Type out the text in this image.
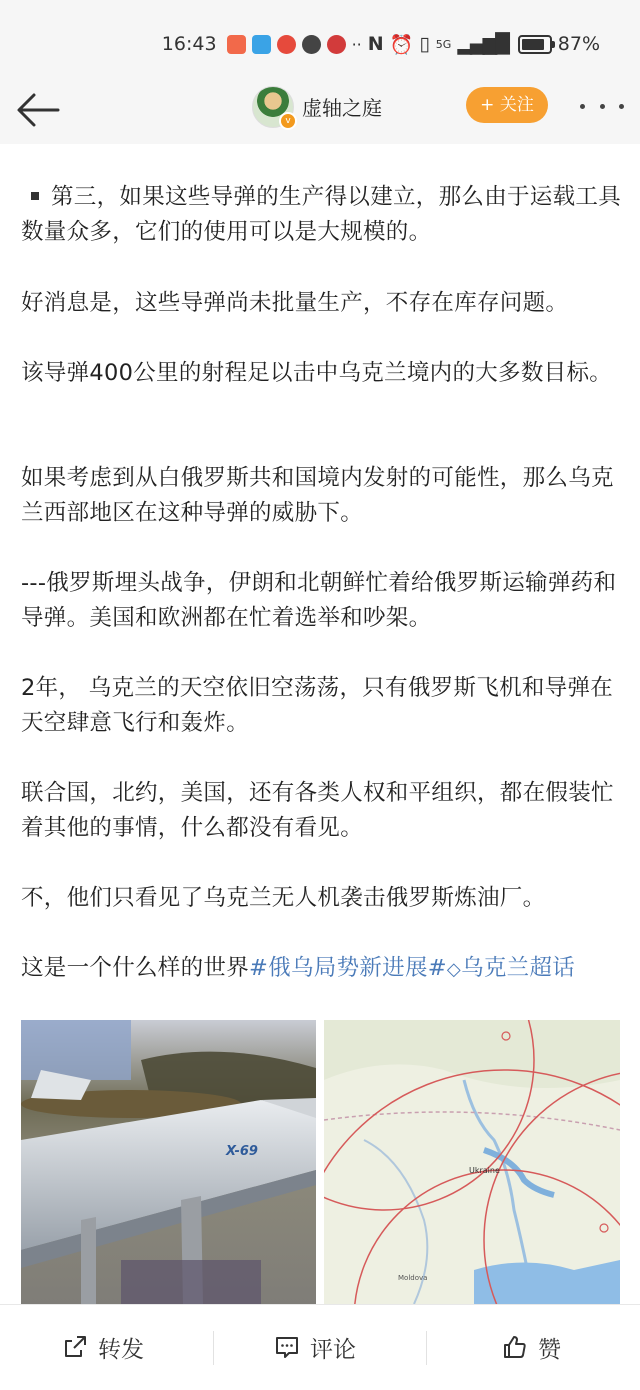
16:43	·· N ⏰ ▯ 5G ▂▄▆█	87%
v
虚轴之庭	+ 关注

第三，如果这些导弹的生产得以建立，那么由于运载工具数量众多，它们的使用可以是大规模的。

好消息是，这些导弹尚未批量生产，不存在库存问题。

该导弹400公里的射程足以击中乌克兰境内的大多数目标。

如果考虑到从白俄罗斯共和国境内发射的可能性，那么乌克兰西部地区在这种导弹的威胁下。

---俄罗斯埋头战争，伊朗和北朝鲜忙着给俄罗斯运输弹药和导弹。美国和欧洲都在忙着选举和吵架。

2年， 乌克兰的天空依旧空荡荡，只有俄罗斯飞机和导弹在天空肆意飞行和轰炸。

联合国，北约，美国，还有各类人权和平组织，都在假装忙着其他的事情，什么都没有看见。

不，他们只看见了乌克兰无人机袭击俄罗斯炼油厂。

这是一个什么样的世界#俄乌局势新进展#◇乌克兰超话

X-69
Ukraine
Moldova
转发	评论	赞
